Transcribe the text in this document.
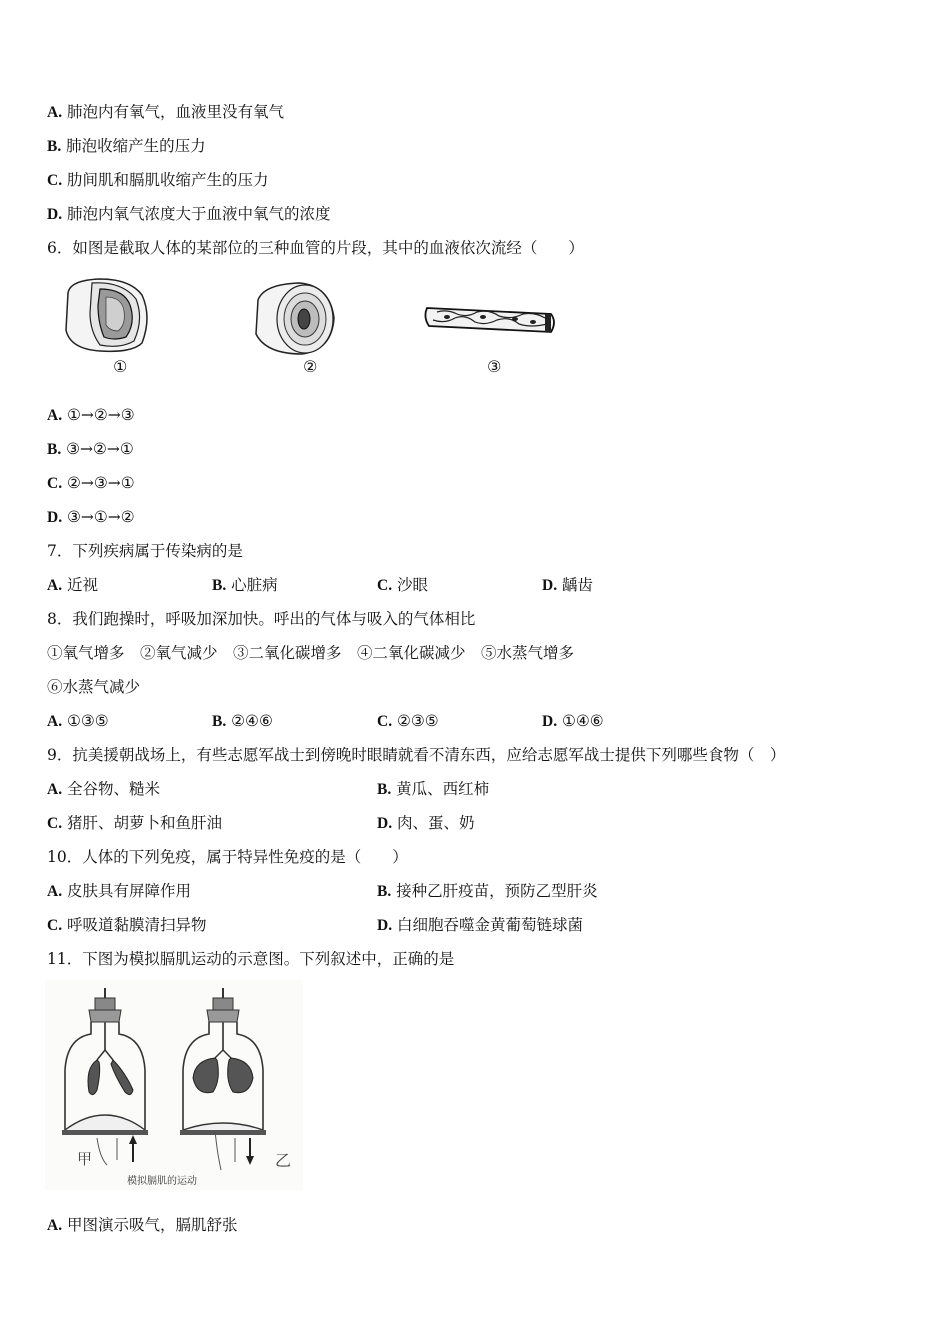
A. 肺泡内有氧气，血液里没有氧气
B. 肺泡收缩产生的压力
C. 肋间肌和膈肌收缩产生的压力
D. 肺泡内氧气浓度大于血液中氧气的浓度
6．如图是截取人体的某部位的三种血管的片段，其中的血液依次流经（　　）
①	②	③
A. ①→②→③
B. ③→②→①
C. ②→③→①
D. ③→①→②
7．下列疾病属于传染病的是
A. 近视	B. 心脏病	C. 沙眼	D. 龋齿
8．我们跑操时，呼吸加深加快。呼出的气体与吸入的气体相比
①氧气增多　②氧气减少　③二氧化碳增多　④二氧化碳减少　⑤水蒸气增多
⑥水蒸气减少
A. ①③⑤	B. ②④⑥	C. ②③⑤	D. ①④⑥
9．抗美援朝战场上，有些志愿军战士到傍晚时眼睛就看不清东西，应给志愿军战士提供下列哪些食物（　）
A. 全谷物、糙米	B. 黄瓜、西红柿
C. 猪肝、胡萝卜和鱼肝油	D. 肉、蛋、奶
10．人体的下列免疫，属于特异性免疫的是（　　）
A. 皮肤具有屏障作用	B. 接种乙肝疫苗，预防乙型肝炎
C. 呼吸道黏膜清扫异物	D. 白细胞吞噬金黄葡萄链球菌
11．下图为模拟膈肌运动的示意图。下列叙述中，正确的是
甲	乙
模拟膈肌的运动
A. 甲图演示吸气，膈肌舒张
